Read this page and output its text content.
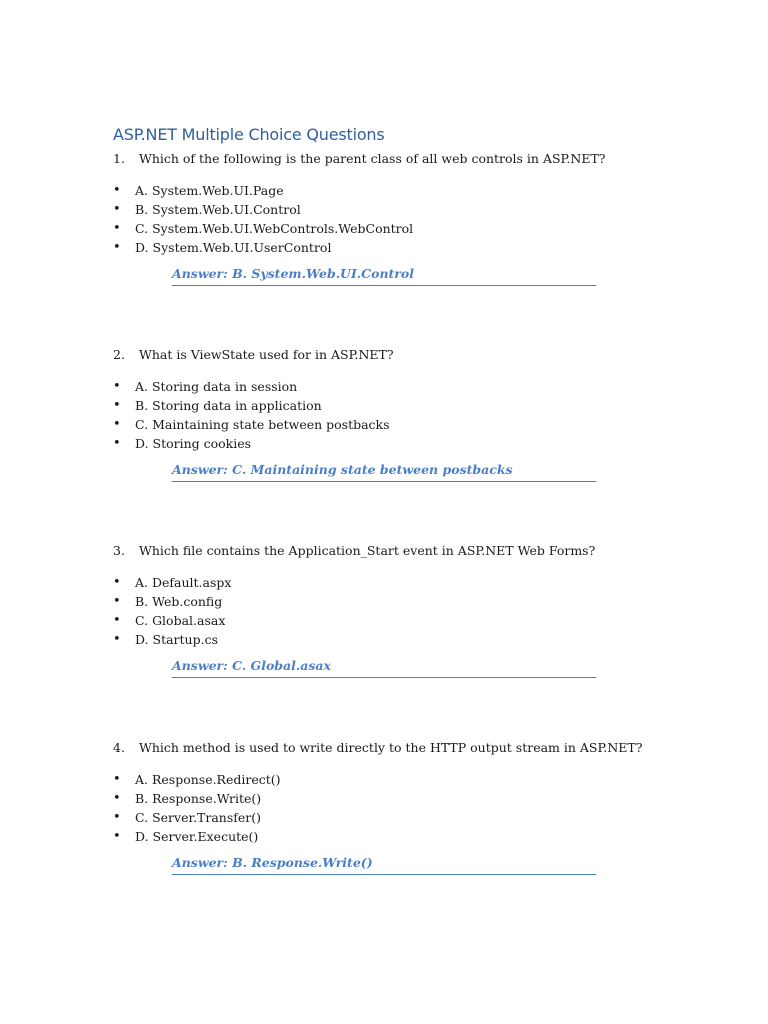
ASP.NET Multiple Choice Questions
1. Which of the following is the parent class of all web controls in ASP.NET?
• A. System.Web.UI.Page
• B. System.Web.UI.Control
• C. System.Web.UI.WebControls.WebControl
• D. System.Web.UI.UserControl
Answer: B. System.Web.UI.Control
2. What is ViewState used for in ASP.NET?
• A. Storing data in session
• B. Storing data in application
• C. Maintaining state between postbacks
• D. Storing cookies
Answer: C. Maintaining state between postbacks
3. Which file contains the Application_Start event in ASP.NET Web Forms?
• A. Default.aspx
• B. Web.config
• C. Global.asax
• D. Startup.cs
Answer: C. Global.asax
4. Which method is used to write directly to the HTTP output stream in ASP.NET?
• A. Response.Redirect()
• B. Response.Write()
• C. Server.Transfer()
• D. Server.Execute()
Answer: B. Response.Write()
